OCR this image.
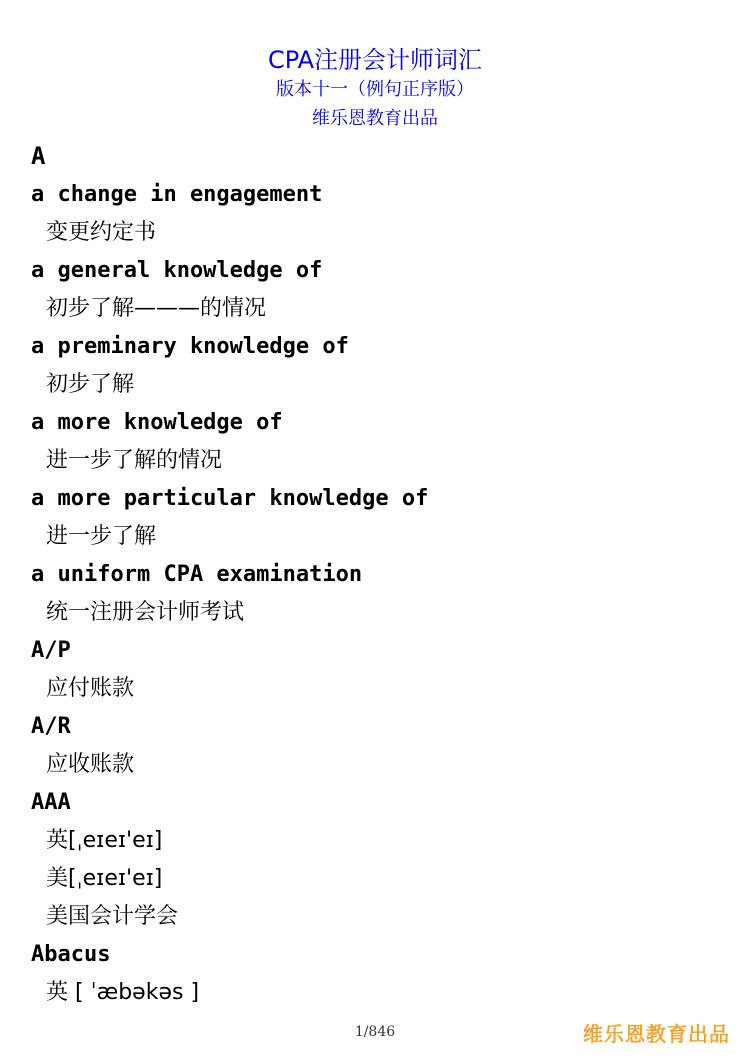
CPA注册会计师词汇
版本十一（例句正序版）
维乐恩教育出品
A
a change in engagement
变更约定书
a general knowledge of
初步了解———的情况
a preminary knowledge of
初步了解
a more knowledge of
进一步了解的情况
a more particular knowledge of
进一步了解
a uniform CPA examination
统一注册会计师考试
A/P
应付账款
A/R
应收账款
AAA
英[ˌeɪeɪ'eɪ]
美[ˌeɪeɪ'eɪ]
美国会计学会
Abacus
英 [ ˈæbəkəs ]
1/846	维乐恩教育出品
